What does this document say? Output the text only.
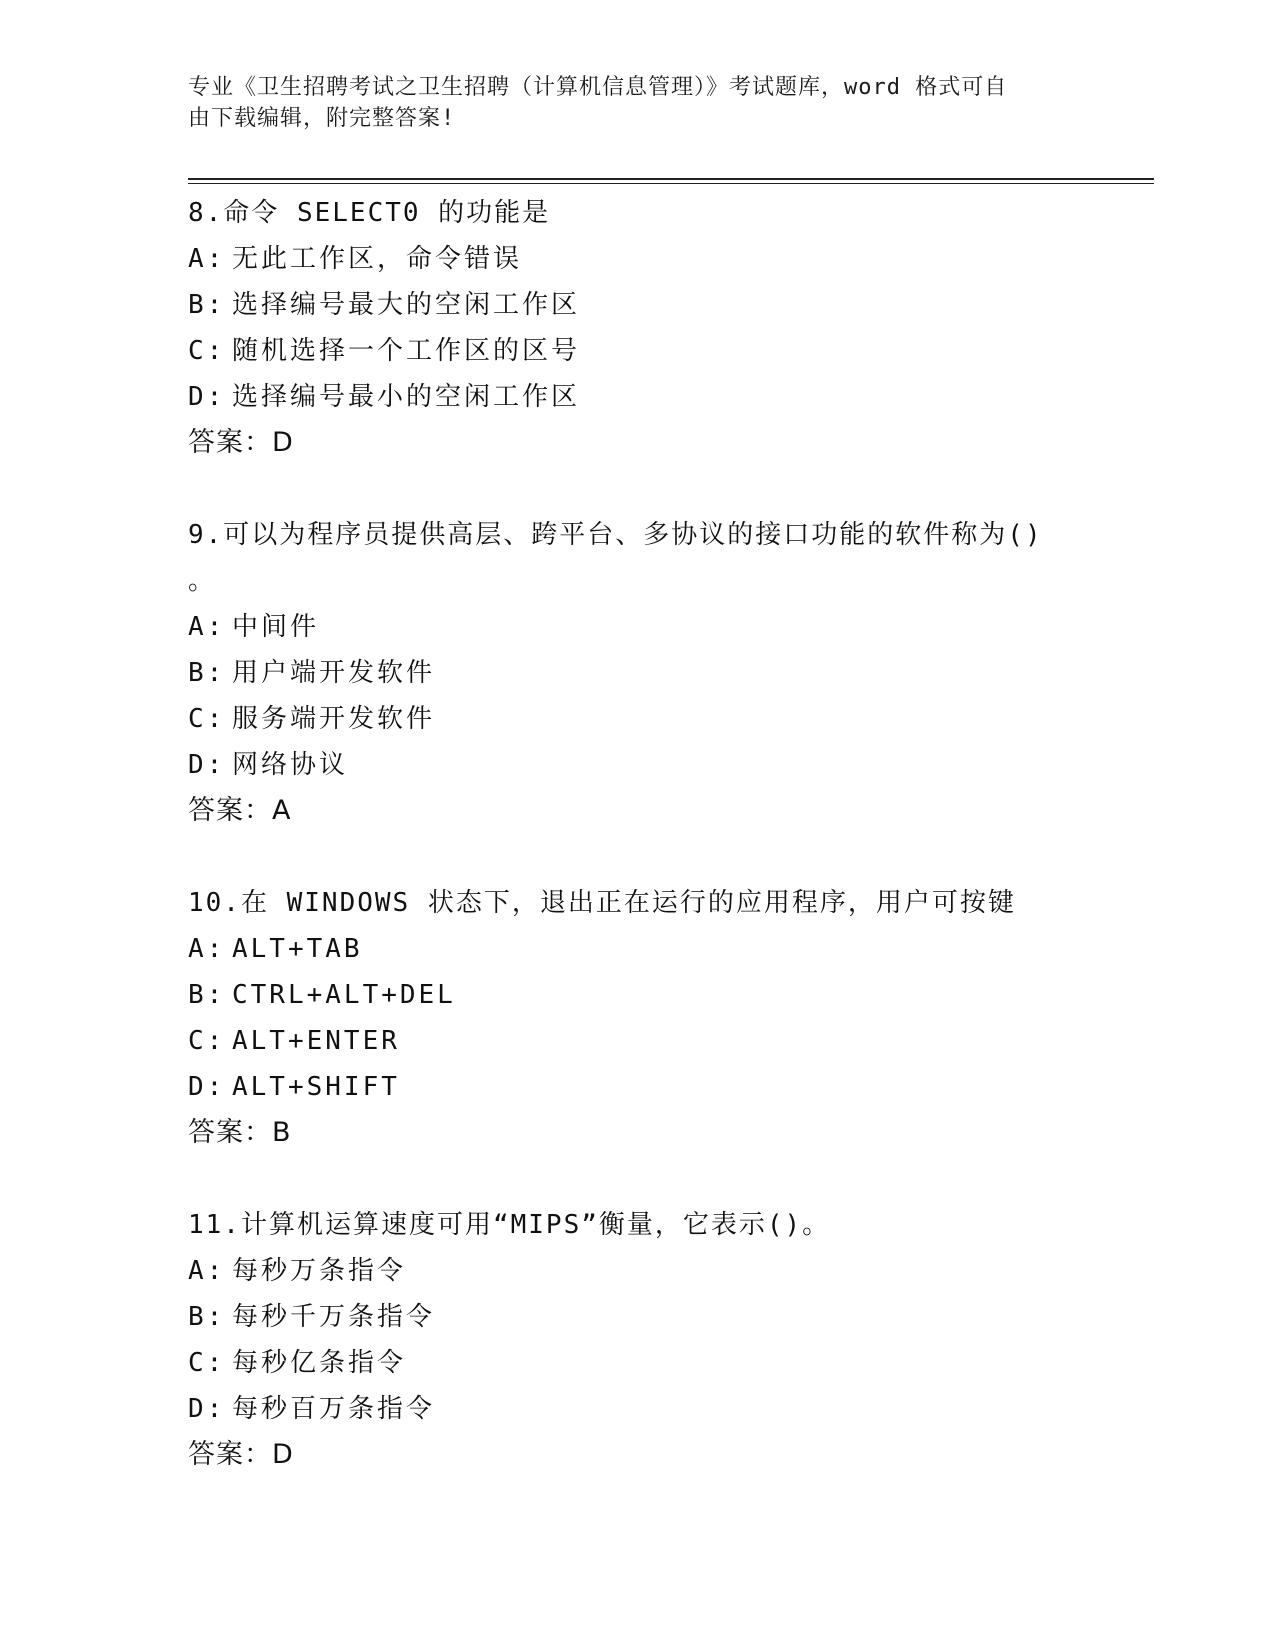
专业《卫生招聘考试之卫生招聘（计算机信息管理）》考试题库，word 格式可自
由下载编辑，附完整答案!
8.命令 SELECT0 的功能是
A: 无此工作区，命令错误
B: 选择编号最大的空闲工作区
C: 随机选择一个工作区的区号
D: 选择编号最小的空闲工作区
答案：D
9.可以为程序员提供高层、跨平台、多协议的接口功能的软件称为()
。
A: 中间件
B: 用户端开发软件
C: 服务端开发软件
D: 网络协议
答案：A
10.在 WINDOWS 状态下，退出正在运行的应用程序，用户可按键
A: ALT+TAB
B: CTRL+ALT+DEL
C: ALT+ENTER
D: ALT+SHIFT
答案：B
11.计算机运算速度可用“MIPS”衡量，它表示()。
A: 每秒万条指令
B: 每秒千万条指令
C: 每秒亿条指令
D: 每秒百万条指令
答案：D
